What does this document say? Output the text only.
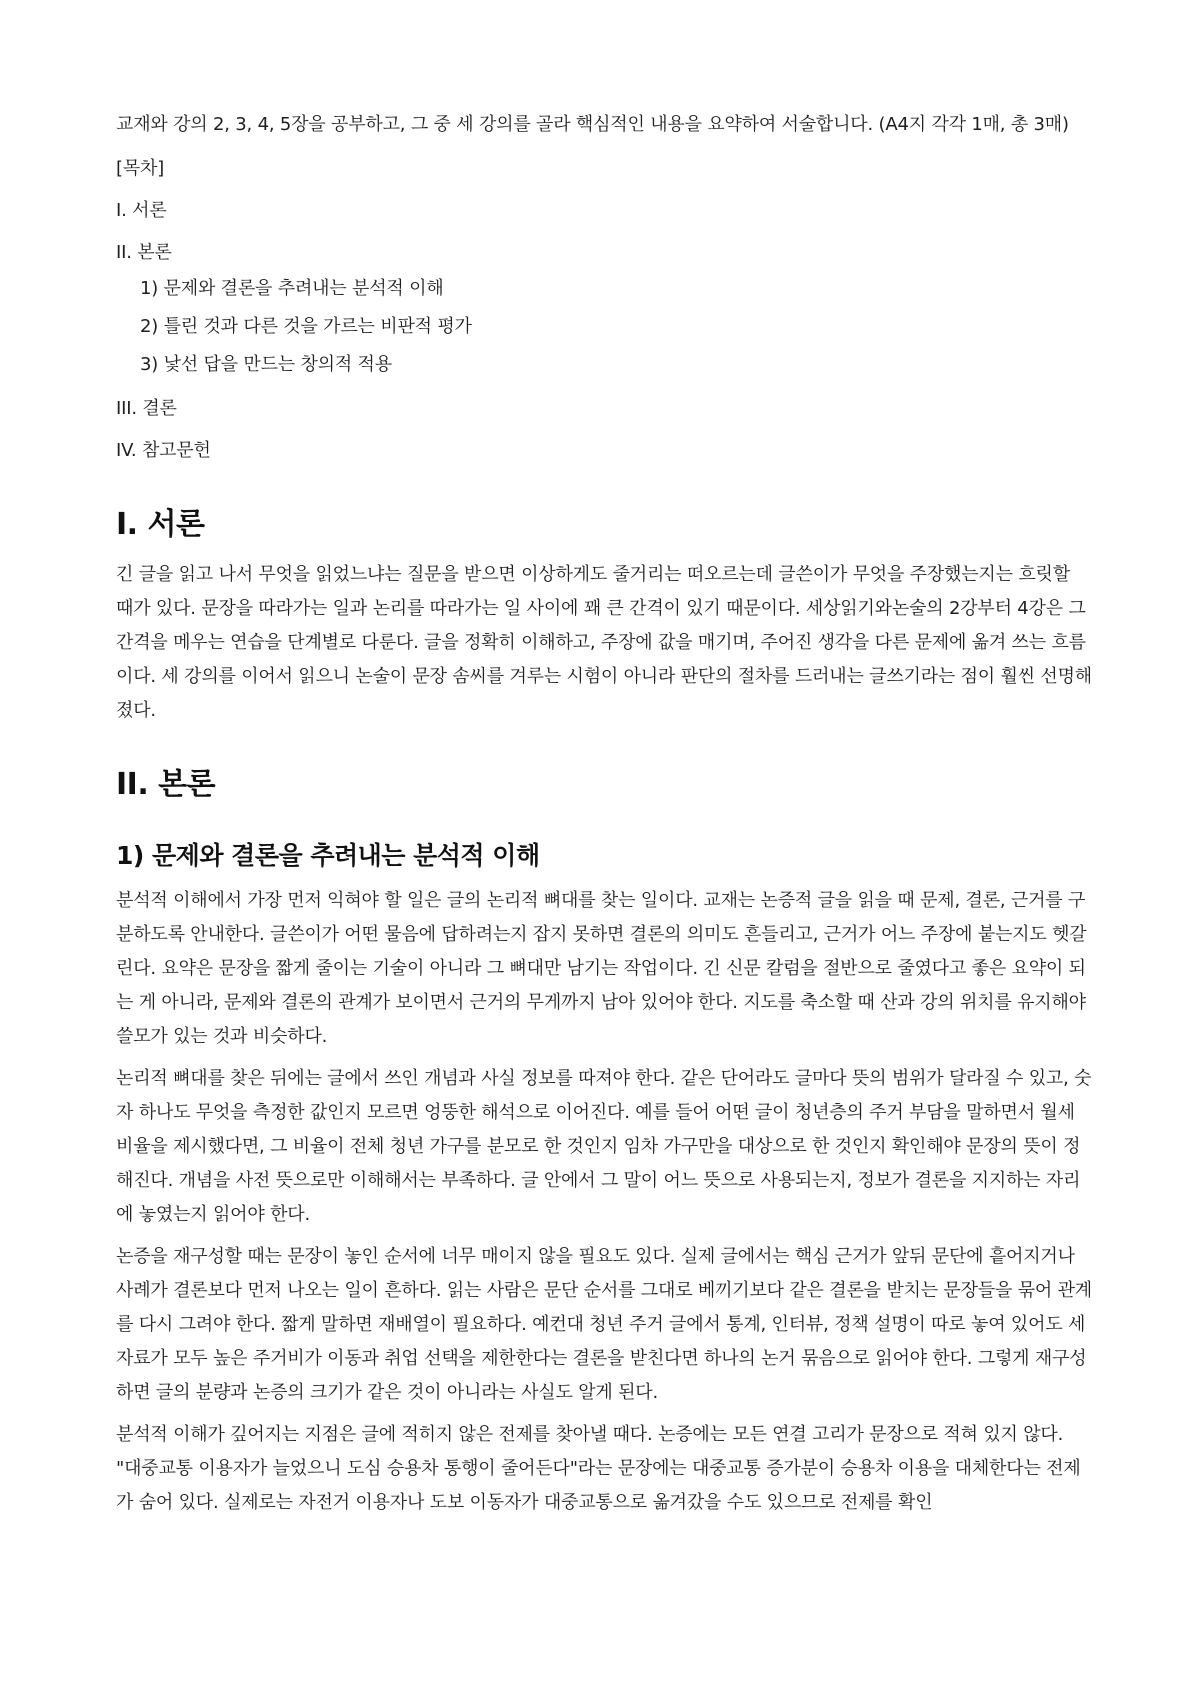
교재와 강의 2, 3, 4, 5장을 공부하고, 그 중 세 강의를 골라 핵심적인 내용을 요약하여 서술합니다. (A4지 각각 1매, 총 3매)

[목차]

I. 서론
II. 본론
1) 문제와 결론을 추려내는 분석적 이해
2) 틀린 것과 다른 것을 가르는 비판적 평가
3) 낯선 답을 만드는 창의적 적용
III. 결론
IV. 참고문헌
I. 서론

긴 글을 읽고 나서 무엇을 읽었느냐는 질문을 받으면 이상하게도 줄거리는 떠오르는데 글쓴이가 무엇을 주장했는지는 흐릿할 때가 있다. 문장을 따라가는 일과 논리를 따라가는 일 사이에 꽤 큰 간격이 있기 때문이다. 세상읽기와논술의 2강부터 4강은 그 간격을 메우는 연습을 단계별로 다룬다. 글을 정확히 이해하고, 주장에 값을 매기며, 주어진 생각을 다른 문제에 옮겨 쓰는 흐름이다. 세 강의를 이어서 읽으니 논술이 문장 솜씨를 겨루는 시험이 아니라 판단의 절차를 드러내는 글쓰기라는 점이 훨씬 선명해졌다.

II. 본론
1) 문제와 결론을 추려내는 분석적 이해

분석적 이해에서 가장 먼저 익혀야 할 일은 글의 논리적 뼈대를 찾는 일이다. 교재는 논증적 글을 읽을 때 문제, 결론, 근거를 구분하도록 안내한다. 글쓴이가 어떤 물음에 답하려는지 잡지 못하면 결론의 의미도 흔들리고, 근거가 어느 주장에 붙는지도 헷갈린다. 요약은 문장을 짧게 줄이는 기술이 아니라 그 뼈대만 남기는 작업이다. 긴 신문 칼럼을 절반으로 줄였다고 좋은 요약이 되는 게 아니라, 문제와 결론의 관계가 보이면서 근거의 무게까지 남아 있어야 한다. 지도를 축소할 때 산과 강의 위치를 유지해야 쓸모가 있는 것과 비슷하다.

논리적 뼈대를 찾은 뒤에는 글에서 쓰인 개념과 사실 정보를 따져야 한다. 같은 단어라도 글마다 뜻의 범위가 달라질 수 있고, 숫자 하나도 무엇을 측정한 값인지 모르면 엉뚱한 해석으로 이어진다. 예를 들어 어떤 글이 청년층의 주거 부담을 말하면서 월세 비율을 제시했다면, 그 비율이 전체 청년 가구를 분모로 한 것인지 임차 가구만을 대상으로 한 것인지 확인해야 문장의 뜻이 정해진다. 개념을 사전 뜻으로만 이해해서는 부족하다. 글 안에서 그 말이 어느 뜻으로 사용되는지, 정보가 결론을 지지하는 자리에 놓였는지 읽어야 한다.

논증을 재구성할 때는 문장이 놓인 순서에 너무 매이지 않을 필요도 있다. 실제 글에서는 핵심 근거가 앞뒤 문단에 흩어지거나 사례가 결론보다 먼저 나오는 일이 흔하다. 읽는 사람은 문단 순서를 그대로 베끼기보다 같은 결론을 받치는 문장들을 묶어 관계를 다시 그려야 한다. 짧게 말하면 재배열이 필요하다. 예컨대 청년 주거 글에서 통계, 인터뷰, 정책 설명이 따로 놓여 있어도 세 자료가 모두 높은 주거비가 이동과 취업 선택을 제한한다는 결론을 받친다면 하나의 논거 묶음으로 읽어야 한다. 그렇게 재구성하면 글의 분량과 논증의 크기가 같은 것이 아니라는 사실도 알게 된다.

분석적 이해가 깊어지는 지점은 글에 적히지 않은 전제를 찾아낼 때다. 논증에는 모든 연결 고리가 문장으로 적혀 있지 않다. "대중교통 이용자가 늘었으니 도심 승용차 통행이 줄어든다"라는 문장에는 대중교통 증가분이 승용차 이용을 대체한다는 전제가 숨어 있다. 실제로는 자전거 이용자나 도보 이동자가 대중교통으로 옮겨갔을 수도 있으므로 전제를 확인
